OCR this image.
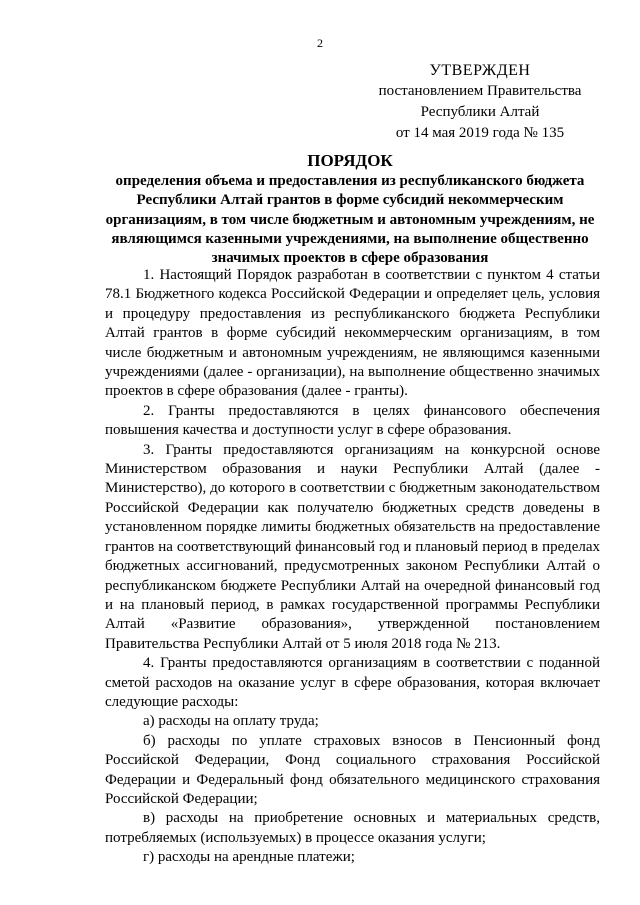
2
УТВЕРЖДЕН
постановлением Правительства
Республики Алтай
от 14 мая 2019 года № 135
ПОРЯДОК
определения объема и предоставления из республиканского бюджета Республики Алтай грантов в форме субсидий некоммерческим организациям, в том числе бюджетным и автономным учреждениям, не являющимся казенными учреждениями, на выполнение общественно значимых проектов в сфере образования

1. Настоящий Порядок разработан в соответствии с пунктом 4 статьи 78.1 Бюджетного кодекса Российской Федерации и определяет цель, условия и процедуру предоставления из республиканского бюджета Республики Алтай грантов в форме субсидий некоммерческим организациям, в том числе бюджетным и автономным учреждениям, не являющимся казенными учреждениями (далее - организации), на выполнение общественно значимых проектов в сфере образования (далее - гранты).

2. Гранты предоставляются в целях финансового обеспечения повышения качества и доступности услуг в сфере образования.

3. Гранты предоставляются организациям на конкурсной основе Министерством образования и науки Республики Алтай (далее - Министерство), до которого в соответствии с бюджетным законодательством Российской Федерации как получателю бюджетных средств доведены в установленном порядке лимиты бюджетных обязательств на предоставление грантов на соответствующий финансовый год и плановый период в пределах бюджетных ассигнований, предусмотренных законом Республики Алтай о республиканском бюджете Республики Алтай на очередной финансовый год и на плановый период, в рамках государственной программы Республики Алтай «Развитие образования», утвержденной постановлением Правительства Республики Алтай от 5 июля 2018 года № 213.

4. Гранты предоставляются организациям в соответствии с поданной сметой расходов на оказание услуг в сфере образования, которая включает следующие расходы:

а) расходы на оплату труда;

б) расходы по уплате страховых взносов в Пенсионный фонд Российской Федерации, Фонд социального страхования Российской Федерации и Федеральный фонд обязательного медицинского страхования Российской Федерации;

в) расходы на приобретение основных и материальных средств, потребляемых (используемых) в процессе оказания услуги;

г) расходы на арендные платежи;
